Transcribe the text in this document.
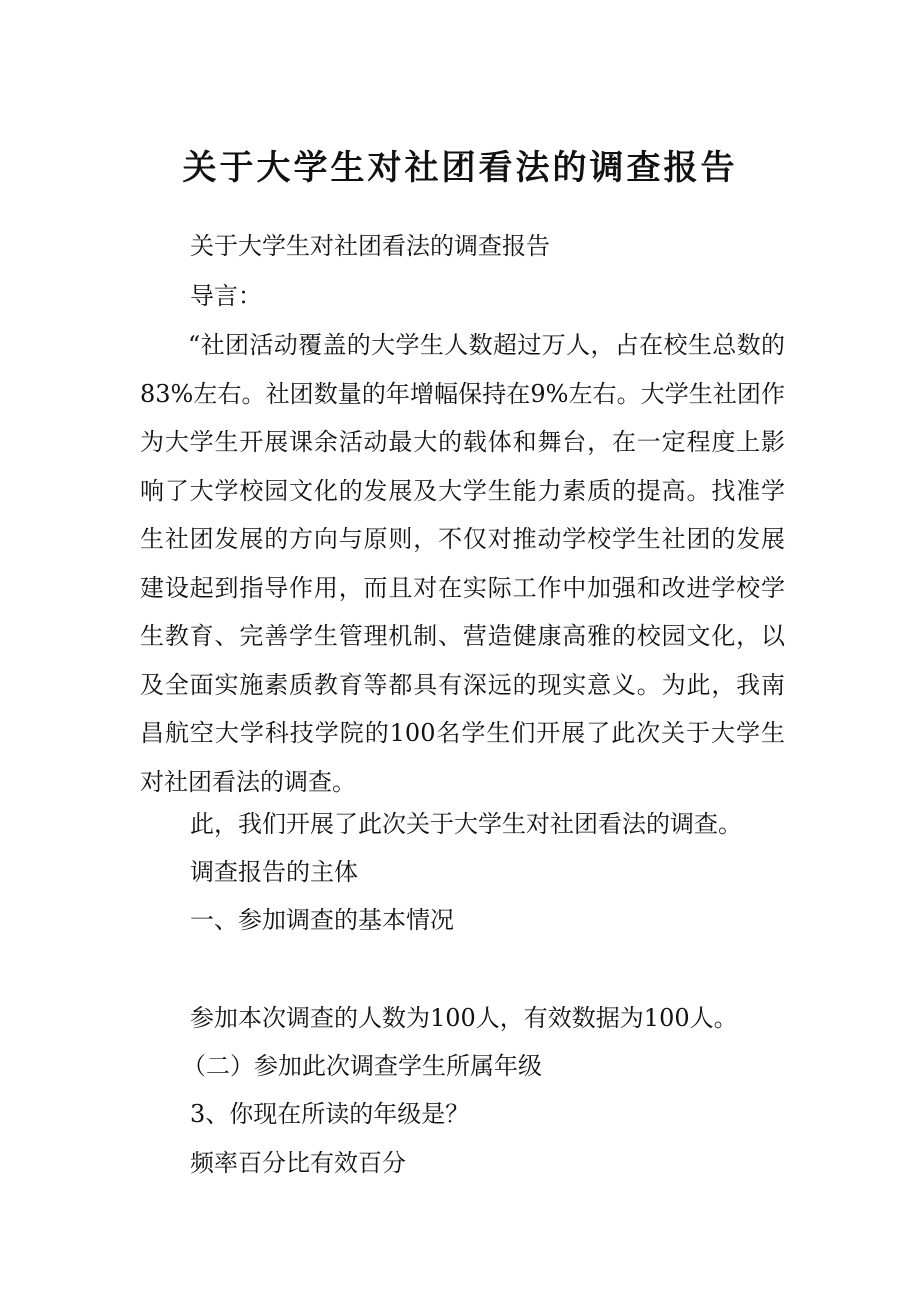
关于大学生对社团看法的调查报告

关于大学生对社团看法的调查报告

导言：

“社团活动覆盖的大学生人数超过万人，占在校生总数的83%左右。社团数量的年增幅保持在9%左右。大学生社团作为大学生开展课余活动最大的载体和舞台，在一定程度上影响了大学校园文化的发展及大学生能力素质的提高。找准学生社团发展的方向与原则，不仅对推动学校学生社团的发展建设起到指导作用，而且对在实际工作中加强和改进学校学生教育、完善学生管理机制、营造健康高雅的校园文化，以及全面实施素质教育等都具有深远的现实意义。为此，我南昌航空大学科技学院的100名学生们开展了此次关于大学生对社团看法的调查。

此，我们开展了此次关于大学生对社团看法的调查。

调查报告的主体

一、参加调查的基本情况

参加本次调查的人数为100人，有效数据为100人。

（二）参加此次调查学生所属年级

3、你现在所读的年级是？

频率百分比有效百分
